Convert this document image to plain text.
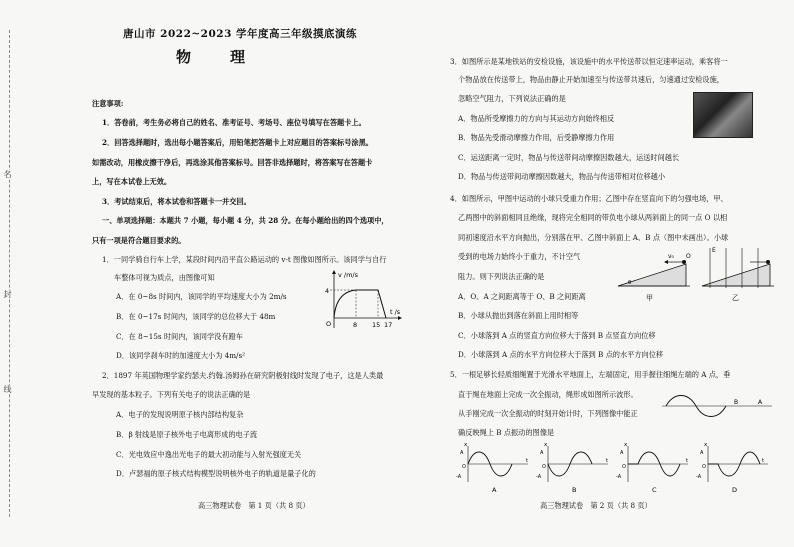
名
封
线
唐山市 2022~2023 学年度高三年级摸底演练
物　理
注意事项:
1．答卷前，考生务必将自己的姓名、准考证号、考场号、座位号填写在答题卡上。
2．回答选择题时，选出每小题答案后，用铅笔把答题卡上对应题目的答案标号涂黑。
如需改动，用橡皮擦干净后，再选涂其他答案标号。回答非选择题时，将答案写在答题卡
上，写在本试卷上无效。
3．考试结束后，将本试卷和答题卡一并交回。
一、单项选择题：本题共 7 小题，每小题 4 分，共 28 分。在每小题给出的四个选项中，
只有一项是符合题目要求的。
1．一同学骑自行车上学，某段时间内沿平直公路运动的 v-t 图像如图所示。该同学与自行
车整体可视为质点，由图像可知
A．在 0~8s 时间内，该同学的平均速度大小为 2m/s
B．在 0~17s 时间内，该同学的总位移大于 48m
C．在 8~15s 时间内，该同学没有蹬车
D．该同学刹车时的加速度大小为 4m/s²
v /m/s
4
O	8 15 17
t /s
2．1897 年英国物理学家约瑟夫.约翰.汤姆孙在研究阴极射线时发现了电子，这是人类最
早发现的基本粒子。下列有关电子的说法正确的是
A．电子的发现说明原子核内部结构复杂
B．β 射线是原子核外电子电离形成的电子流
C．光电效应中逸出光电子的最大初动能与入射光强度无关
D．卢瑟福的原子核式结构模型说明核外电子的轨道是量子化的
高三物理试卷　第 1 页（共 8 页）
3．如图所示是某地铁站的安检设施，该设施中的水平传送带以恒定速率运动，乘客将一
个物品放在传送带上，物品由静止开始加速至与传送带共速后，匀速通过安检设施，
忽略空气阻力，下列说法正确的是
A．物品所受摩擦力的方向与其运动方向始终相反
B．物品先受滑动摩擦力作用，后受静摩擦力作用
C．运送距离一定时，物品与传送带间动摩擦因数越大，运送时间越长
D．物品与传送带间动摩擦因数越大，物品与传送带相对位移越小
4．如图所示，甲图中运动的小球只受重力作用；乙图中存在竖直向下的匀强电场，甲、
乙两图中的斜面相同且绝缘，现将完全相同的带负电小球从两斜面上的同一点 O 以相
同初速度沿水平方向抛出，分别落在甲、乙图中斜面上 A、B 点（图中未画出）。小球
受到的电场力始终小于重力，不计空气
阻力。则下列说法正确的是
A．O、A 之间距离等于 O、B 之间距离
B．小球从抛出到落在斜面上用时相等
C．小球落到 A 点的竖直方向位移大于落到 B 点竖直方向位移
D．小球落到 A 点的水平方向位移大于落到 B 点的水平方向位移
v₀ O
θ
甲
E
乙
5．一根足够长轻质细绳置于光滑水平地面上，左端固定，用手握住细绳左端的 A 点，垂
直于绳在地面上完成一次全振动，绳形成如图所示波形。
从手刚完成一次全振动的时刻开始计时，下列图像中能正
确反映绳上 B 点振动的图像是
B	A
x
A
O
-A
t
A
x
A
O
-A
t
B
x
A
O
-A
t
C
x
A
O
-A
t
D
高三物理试卷　第 2 页（共 8 页）
